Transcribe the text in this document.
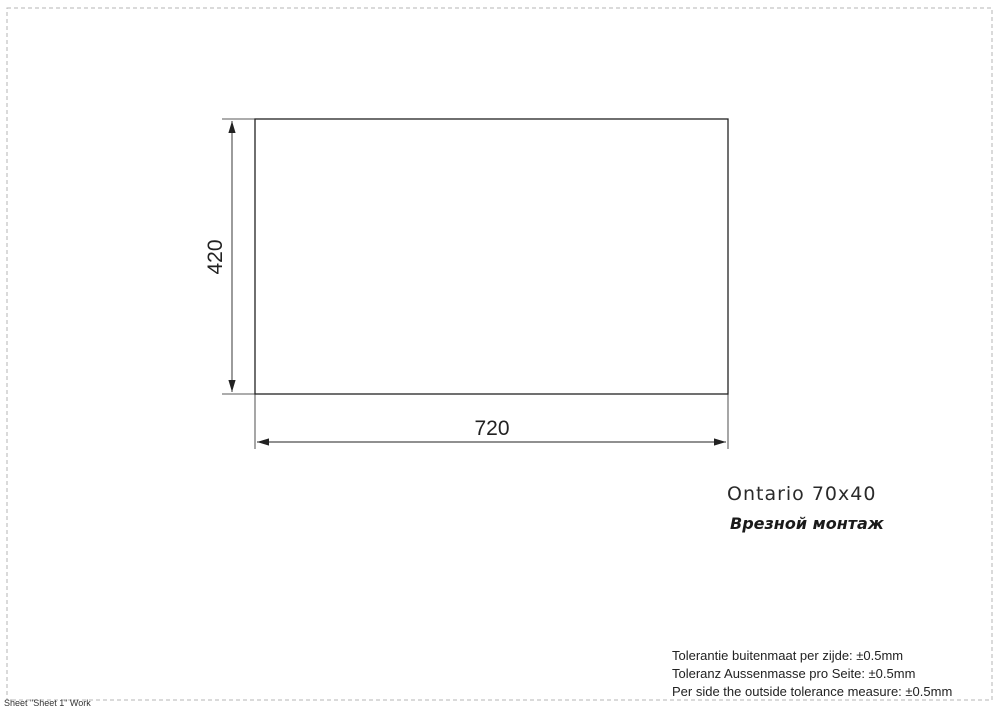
420
720
Ontario 70x40
Врезной монтаж
Tolerantie buitenmaat per zijde: ±0.5mm
Toleranz Aussenmasse pro Seite: ±0.5mm
Per side the outside tolerance measure: ±0.5mm
Sheet "Sheet 1" Work
